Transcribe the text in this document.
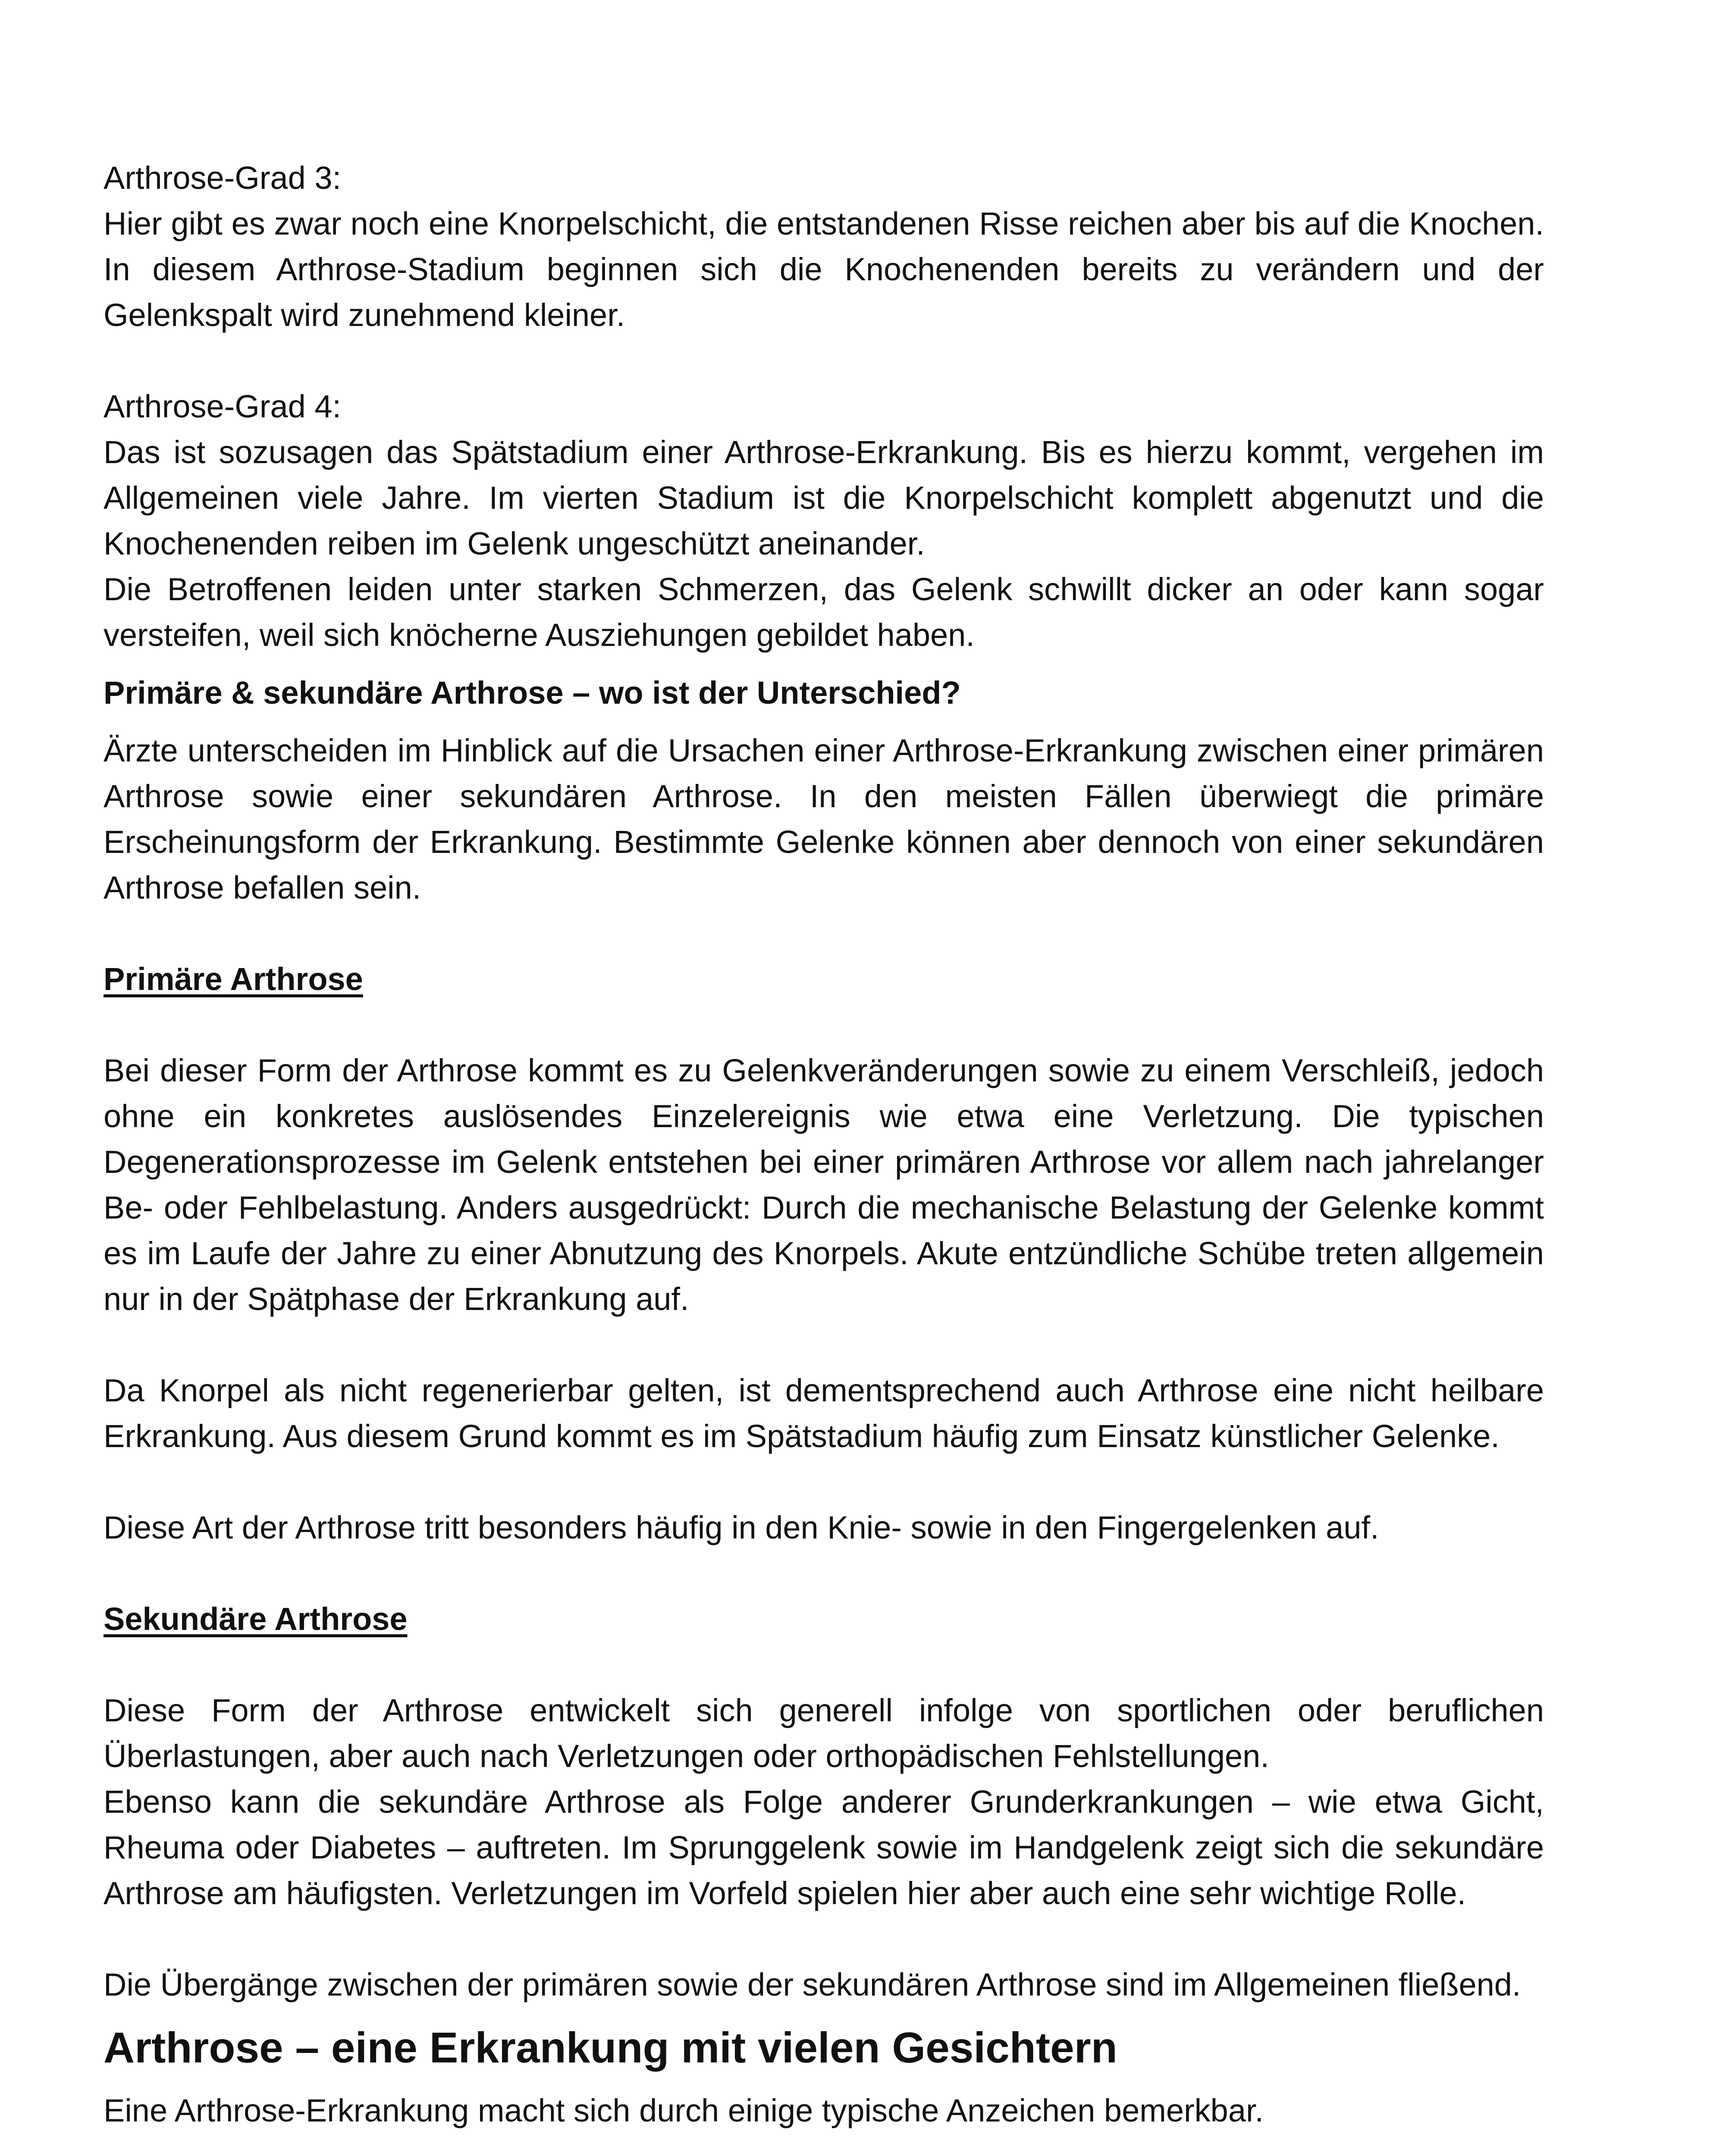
Arthrose-Grad 3:

Hier gibt es zwar noch eine Knorpelschicht, die entstandenen Risse reichen aber bis auf die Knochen. In diesem Arthrose-Stadium beginnen sich die Knochenenden bereits zu verändern und der Gelenkspalt wird zunehmend kleiner.

Arthrose-Grad 4:

Das ist sozusagen das Spätstadium einer Arthrose-Erkrankung. Bis es hierzu kommt, vergehen im Allgemeinen viele Jahre. Im vierten Stadium ist die Knorpelschicht komplett abgenutzt und die Knochenenden reiben im Gelenk ungeschützt aneinander.

Die Betroffenen leiden unter starken Schmerzen, das Gelenk schwillt dicker an oder kann sogar versteifen, weil sich knöcherne Ausziehungen gebildet haben.

Primäre & sekundäre Arthrose – wo ist der Unterschied?

Ärzte unterscheiden im Hinblick auf die Ursachen einer Arthrose-Erkrankung zwischen einer primären Arthrose sowie einer sekundären Arthrose. In den meisten Fällen überwiegt die primäre Erscheinungsform der Erkrankung. Bestimmte Gelenke können aber dennoch von einer sekundären Arthrose befallen sein.

Primäre Arthrose

Bei dieser Form der Arthrose kommt es zu Gelenkveränderungen sowie zu einem Verschleiß, jedoch ohne ein konkretes auslösendes Einzelereignis wie etwa eine Verletzung. Die typischen Degenerationsprozesse im Gelenk entstehen bei einer primären Arthrose vor allem nach jahrelanger Be- oder Fehlbelastung. Anders ausgedrückt: Durch die mechanische Belastung der Gelenke kommt es im Laufe der Jahre zu einer Abnutzung des Knorpels. Akute entzündliche Schübe treten allgemein nur in der Spätphase der Erkrankung auf.

Da Knorpel als nicht regenerierbar gelten, ist dementsprechend auch Arthrose eine nicht heilbare Erkrankung. Aus diesem Grund kommt es im Spätstadium häufig zum Einsatz künstlicher Gelenke.

Diese Art der Arthrose tritt besonders häufig in den Knie- sowie in den Fingergelenken auf.

Sekundäre Arthrose

Diese Form der Arthrose entwickelt sich generell infolge von sportlichen oder beruflichen Überlastungen, aber auch nach Verletzungen oder orthopädischen Fehlstellungen.

Ebenso kann die sekundäre Arthrose als Folge anderer Grunderkrankungen – wie etwa Gicht, Rheuma oder Diabetes – auftreten. Im Sprunggelenk sowie im Handgelenk zeigt sich die sekundäre Arthrose am häufigsten. Verletzungen im Vorfeld spielen hier aber auch eine sehr wichtige Rolle.

Die Übergänge zwischen der primären sowie der sekundären Arthrose sind im Allgemeinen fließend.

Arthrose – eine Erkrankung mit vielen Gesichtern

Eine Arthrose-Erkrankung macht sich durch einige typische Anzeichen bemerkbar.
